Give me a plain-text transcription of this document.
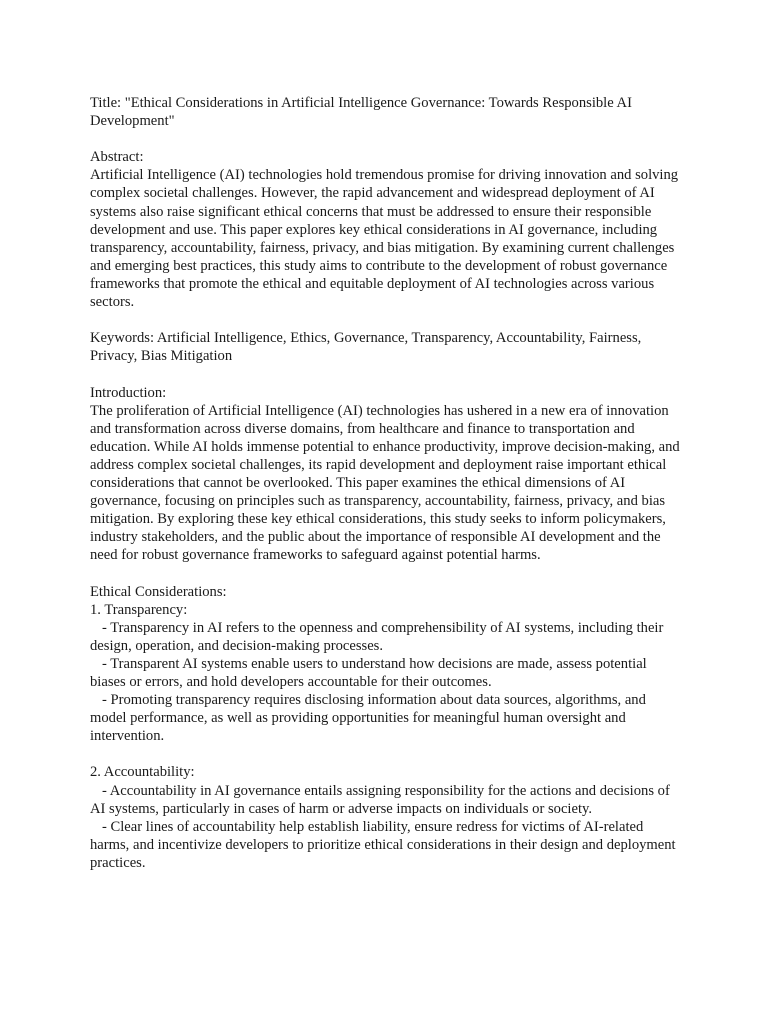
Title: "Ethical Considerations in Artificial Intelligence Governance: Towards Responsible AI Development"

Abstract:

Artificial Intelligence (AI) technologies hold tremendous promise for driving innovation and solving complex societal challenges. However, the rapid advancement and widespread deployment of AI systems also raise significant ethical concerns that must be addressed to ensure their responsible development and use. This paper explores key ethical considerations in AI governance, including transparency, accountability, fairness, privacy, and bias mitigation. By examining current challenges and emerging best practices, this study aims to contribute to the development of robust governance frameworks that promote the ethical and equitable deployment of AI technologies across various sectors.

Keywords: Artificial Intelligence, Ethics, Governance, Transparency, Accountability, Fairness, Privacy, Bias Mitigation

Introduction:

The proliferation of Artificial Intelligence (AI) technologies has ushered in a new era of innovation and transformation across diverse domains, from healthcare and finance to transportation and education. While AI holds immense potential to enhance productivity, improve decision-making, and address complex societal challenges, its rapid development and deployment raise important ethical considerations that cannot be overlooked. This paper examines the ethical dimensions of AI governance, focusing on principles such as transparency, accountability, fairness, privacy, and bias mitigation. By exploring these key ethical considerations, this study seeks to inform policymakers, industry stakeholders, and the public about the importance of responsible AI development and the need for robust governance frameworks to safeguard against potential harms.

Ethical Considerations:

1. Transparency:

- Transparency in AI refers to the openness and comprehensibility of AI systems, including their design, operation, and decision-making processes.

- Transparent AI systems enable users to understand how decisions are made, assess potential biases or errors, and hold developers accountable for their outcomes.

- Promoting transparency requires disclosing information about data sources, algorithms, and model performance, as well as providing opportunities for meaningful human oversight and intervention.

2. Accountability:

- Accountability in AI governance entails assigning responsibility for the actions and decisions of AI systems, particularly in cases of harm or adverse impacts on individuals or society.

- Clear lines of accountability help establish liability, ensure redress for victims of AI-related harms, and incentivize developers to prioritize ethical considerations in their design and deployment practices.
